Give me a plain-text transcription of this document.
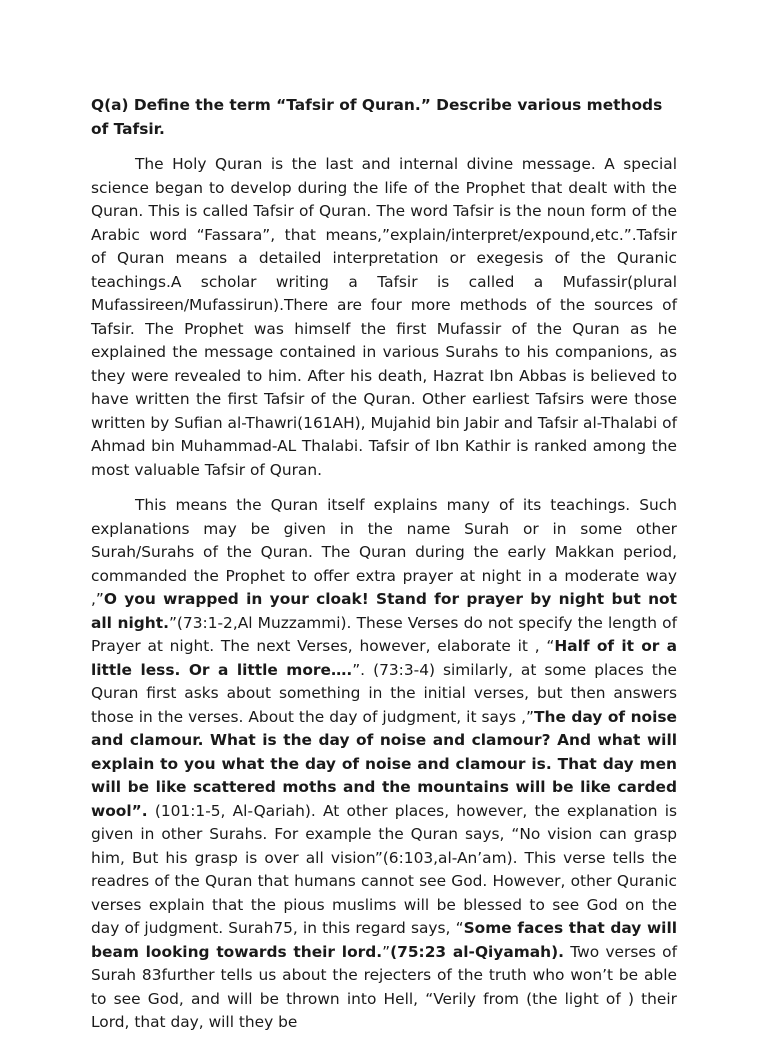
Q(a) Define the term “Tafsir of Quran.” Describe various methods of Tafsir.

The Holy Quran is the last and internal divine message. A special science began to develop during the life of the Prophet that dealt with the Quran. This is called Tafsir of Quran. The word Tafsir is the noun form of the Arabic word “Fassara”, that means,”explain/interpret/expound,etc.”.Tafsir of Quran means a detailed interpretation or exegesis of the Quranic teachings.A scholar writing a Tafsir is called a Mufassir(plural Mufassireen/Mufassirun).There are four more methods of the sources of Tafsir. The Prophet was himself the first Mufassir of the Quran as he explained the message contained in various Surahs to his companions, as they were revealed to him. After his death, Hazrat Ibn Abbas is believed to have written the first Tafsir of the Quran. Other earliest Tafsirs were those written by Sufian al-Thawri(161AH), Mujahid bin Jabir and Tafsir al-Thalabi of Ahmad bin Muhammad-AL Thalabi. Tafsir of Ibn Kathir is ranked among the most valuable Tafsir of Quran.

This means the Quran itself explains many of its teachings. Such explanations may be given in the name Surah or in some other Surah/Surahs of the Quran. The Quran during the early Makkan period, commanded the Prophet to offer extra prayer at night in a moderate way ,”O you wrapped in your cloak! Stand for prayer by night but not all night.”(73:1-2,Al Muzzammi). These Verses do not specify the length of Prayer at night. The next Verses, however, elaborate it , “Half of it or a little less. Or a little more….”. (73:3-4) similarly, at some places the Quran first asks about something in the initial verses, but then answers those in the verses. About the day of judgment, it says ,”The day of noise and clamour. What is the day of noise and clamour? And what will explain to you what the day of noise and clamour is. That day men will be like scattered moths and the mountains will be like carded wool”. (101:1-5, Al-Qariah). At other places, however, the explanation is given in other Surahs. For example the Quran says, “No vision can grasp him, But his grasp is over all vision”(6:103,al-An’am). This verse tells the readres of the Quran that humans cannot see God. However, other Quranic verses explain that the pious muslims will be blessed to see God on the day of judgment. Surah75, in this regard says, “Some faces that day will beam looking towards their lord.”(75:23 al-Qiyamah). Two verses of Surah 83further tells us about the rejecters of the truth who won’t be able to see God, and will be thrown into Hell, “Verily from (the light of ) their Lord, that day, will they be
